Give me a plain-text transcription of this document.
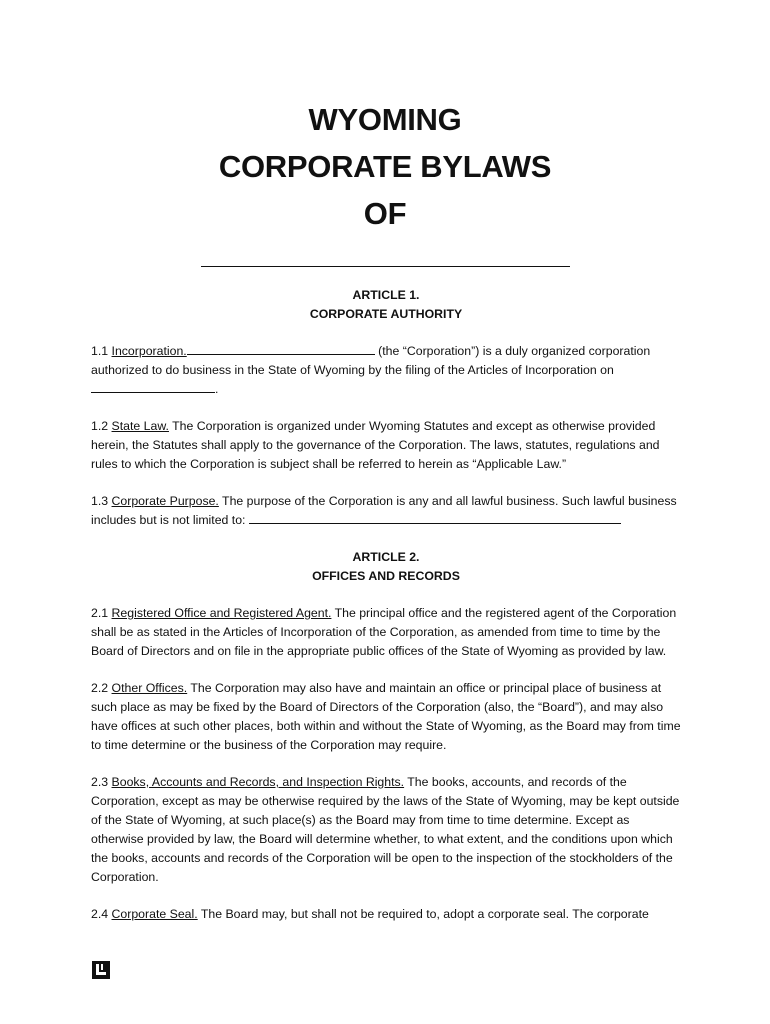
WYOMING
CORPORATE BYLAWS
OF

ARTICLE 1.

CORPORATE AUTHORITY

1.1 Incorporation.	(the “Corporation”) is a duly organized corporation authorized to do business in the State of Wyoming by the filing of the Articles of Incorporation on .

1.2 State Law. The Corporation is organized under Wyoming Statutes and except as otherwise provided herein, the Statutes shall apply to the governance of the Corporation. The laws, statutes, regulations and rules to which the Corporation is subject shall be referred to herein as “Applicable Law.”

1.3 Corporate Purpose. The purpose of the Corporation is any and all lawful business. Such lawful business includes but is not limited to:

ARTICLE 2.

OFFICES AND RECORDS

2.1 Registered Office and Registered Agent. The principal office and the registered agent of the Corporation shall be as stated in the Articles of Incorporation of the Corporation, as amended from time to time by the Board of Directors and on file in the appropriate public offices of the State of Wyoming as provided by law.

2.2 Other Offices. The Corporation may also have and maintain an office or principal place of business at such place as may be fixed by the Board of Directors of the Corporation (also, the “Board”), and may also have offices at such other places, both within and without the State of Wyoming, as the Board may from time to time determine or the business of the Corporation may require.

2.3 Books, Accounts and Records, and Inspection Rights. The books, accounts, and records of the Corporation, except as may be otherwise required by the laws of the State of Wyoming, may be kept outside of the State of Wyoming, at such place(s) as the Board may from time to time determine. Except as otherwise provided by law, the Board will determine whether, to what extent, and the conditions upon which the books, accounts and records of the Corporation will be open to the inspection of the stockholders of the Corporation.

2.4 Corporate Seal. The Board may, but shall not be required to, adopt a corporate seal. The corporate
